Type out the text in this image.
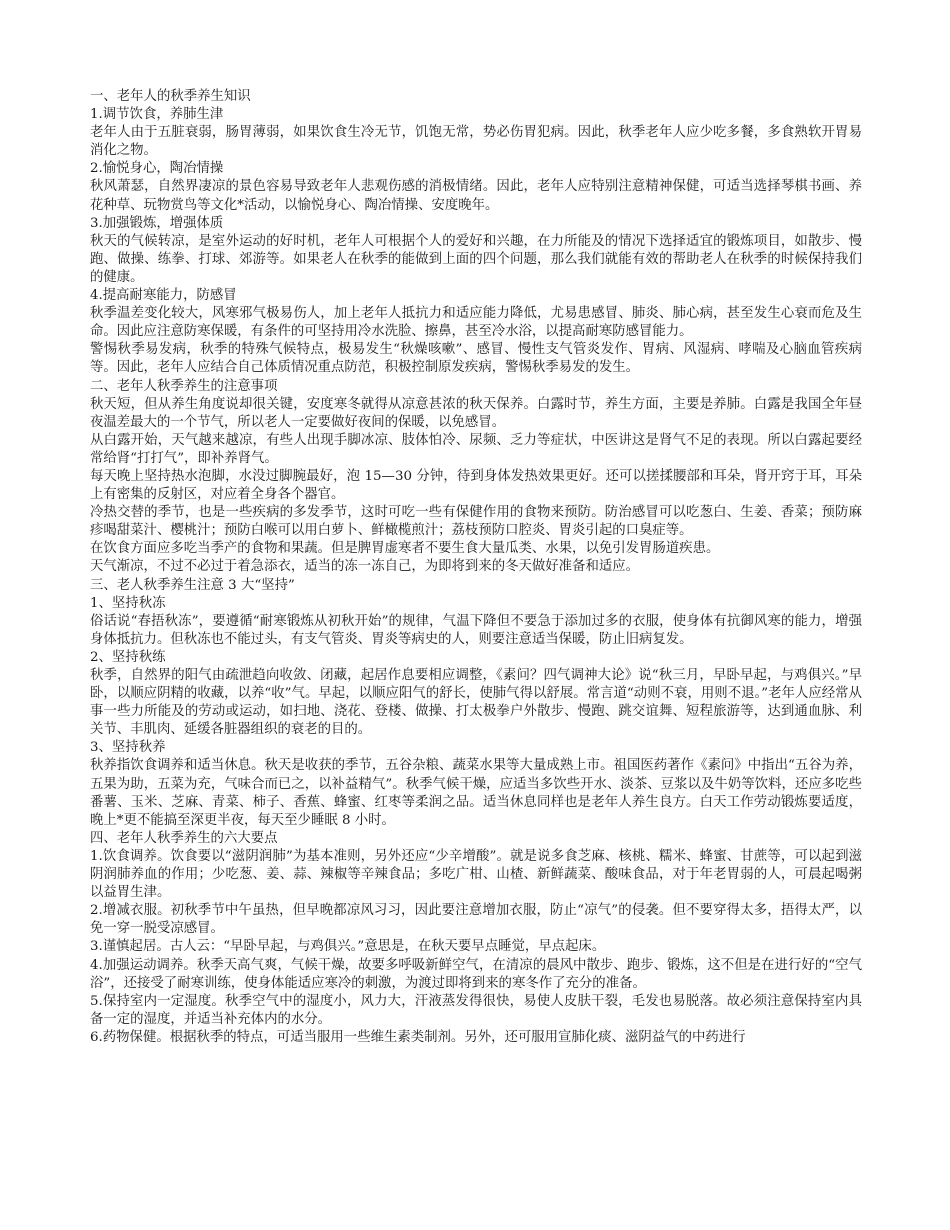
一、老年人的秋季养生知识

1.调节饮食，养肺生津

老年人由于五脏衰弱，肠胃薄弱，如果饮食生冷无节，饥饱无常，势必伤胃犯病。因此，秋季老年人应少吃多餐，多食熟软开胃易消化之物。

2.愉悦身心，陶冶情操

秋风萧瑟，自然界凄凉的景色容易导致老年人悲观伤感的消极情绪。因此，老年人应特别注意精神保健，可适当选择琴棋书画、养花种草、玩物赏鸟等文化*活动，以愉悦身心、陶冶情操、安度晚年。

3.加强锻炼，增强体质

秋天的气候转凉，是室外运动的好时机，老年人可根据个人的爱好和兴趣，在力所能及的情况下选择适宜的锻炼项目，如散步、慢跑、做操、练拳、打球、郊游等。如果老人在秋季的能做到上面的四个问题，那么我们就能有效的帮助老人在秋季的时候保持我们的健康。

4.提高耐寒能力，防感冒

秋季温差变化较大，风寒邪气极易伤人，加上老年人抵抗力和适应能力降低，尤易患感冒、肺炎、肺心病，甚至发生心衰而危及生命。因此应注意防寒保暖，有条件的可坚持用冷水洗脸、擦鼻，甚至冷水浴，以提高耐寒防感冒能力。

警惕秋季易发病，秋季的特殊气候特点，极易发生“秋燥咳嗽”、感冒、慢性支气管炎发作、胃病、风湿病、哮喘及心脑血管疾病等。因此，老年人应结合自己体质情况重点防范，积极控制原发疾病，警惕秋季易发的发生。

二、老年人秋季养生的注意事项

秋天短，但从养生角度说却很关键，安度寒冬就得从凉意甚浓的秋天保养。白露时节，养生方面，主要是养肺。白露是我国全年昼夜温差最大的一个节气，所以老人一定要做好夜间的保暖，以免感冒。

从白露开始，天气越来越凉，有些人出现手脚冰凉、肢体怕冷、尿频、乏力等症状，中医讲这是肾气不足的表现。所以白露起要经常给肾“打打气”，即补养肾气。

每天晚上坚持热水泡脚，水没过脚腕最好，泡 15—30 分钟，待到身体发热效果更好。还可以搓揉腰部和耳朵，肾开窍于耳，耳朵上有密集的反射区，对应着全身各个器官。

冷热交替的季节，也是一些疾病的多发季节，这时可吃一些有保健作用的食物来预防。防治感冒可以吃葱白、生姜、香菜；预防麻疹喝甜菜汁、樱桃汁；预防白喉可以用白萝卜、鲜橄榄煎汁；荔枝预防口腔炎、胃炎引起的口臭症等。

在饮食方面应多吃当季产的食物和果蔬。但是脾胃虚寒者不要生食大量瓜类、水果，以免引发胃肠道疾患。

天气渐凉，不过不必过于着急添衣，适当的冻一冻自己，为即将到来的冬天做好准备和适应。

三、老人秋季养生注意 3 大“坚持”

1、坚持秋冻

俗话说“春捂秋冻”，要遵循“耐寒锻炼从初秋开始”的规律，气温下降但不要急于添加过多的衣服，使身体有抗御风寒的能力，增强身体抵抗力。但秋冻也不能过头，有支气管炎、胃炎等病史的人，则要注意适当保暖，防止旧病复发。

2、坚持秋练

秋季，自然界的阳气由疏泄趋向收敛、闭藏，起居作息要相应调整，《素问？四气调神大论》说“秋三月，早卧早起，与鸡俱兴。”早卧，以顺应阴精的收藏，以养“收”气。早起，以顺应阳气的舒长，使肺气得以舒展。常言道“动则不衰，用则不退。”老年人应经常从事一些力所能及的劳动或运动，如扫地、浇花、登楼、做操、打太极拳户外散步、慢跑、跳交谊舞、短程旅游等，达到通血脉、利关节、丰肌肉、延缓各脏器组织的衰老的目的。

3、坚持秋养

秋养指饮食调养和适当休息。秋天是收获的季节，五谷杂粮、蔬菜水果等大量成熟上市。祖国医药著作《素问》中指出“五谷为养，五果为助，五菜为充，气味合而已之，以补益精气”。秋季气候干燥，应适当多饮些开水、淡茶、豆浆以及牛奶等饮料，还应多吃些番薯、玉米、芝麻、青菜、柿子、香蕉、蜂蜜、红枣等柔润之品。适当休息同样也是老年人养生良方。白天工作劳动锻炼要适度，晚上*更不能搞至深更半夜，每天至少睡眠 8 小时。

四、老年人秋季养生的六大要点

1.饮食调养。饮食要以“滋阴润肺”为基本准则，另外还应“少辛增酸”。就是说多食芝麻、核桃、糯米、蜂蜜、甘蔗等，可以起到滋阴润肺养血的作用；少吃葱、姜、蒜、辣椒等辛辣食品；多吃广柑、山楂、新鲜蔬菜、酸味食品，对于年老胃弱的人，可晨起喝粥以益胃生津。

2.增减衣服。初秋季节中午虽热，但早晚都凉风习习，因此要注意增加衣服，防止“凉气”的侵袭。但不要穿得太多，捂得太严，以免一穿一脱受凉感冒。

3.谨慎起居。古人云：“早卧早起，与鸡俱兴。”意思是，在秋天要早点睡觉，早点起床。

4.加强运动调养。秋季天高气爽，气候干燥，故要多呼吸新鲜空气，在清凉的晨风中散步、跑步、锻炼，这不但是在进行好的“空气浴”，还接受了耐寒训练，使身体能适应寒冷的刺激，为渡过即将到来的寒冬作了充分的准备。

5.保持室内一定湿度。秋季空气中的湿度小，风力大，汗液蒸发得很快，易使人皮肤干裂，毛发也易脱落。故必须注意保持室内具备一定的湿度，并适当补充体内的水分。

6.药物保健。根据秋季的特点，可适当服用一些维生素类制剂。另外，还可服用宣肺化痰、滋阴益气的中药进行
